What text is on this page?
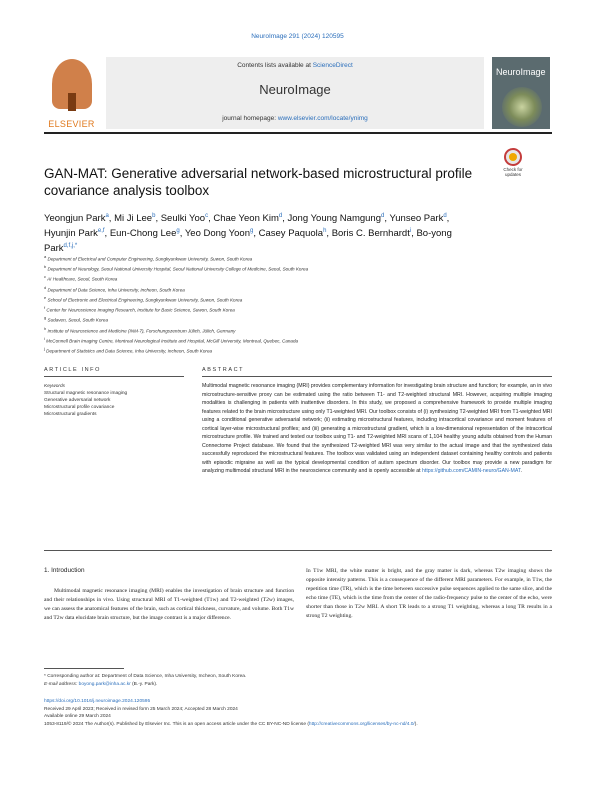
NeuroImage 291 (2024) 120595
ELSEVIER
Contents lists available at ScienceDirect
NeuroImage
journal homepage: www.elsevier.com/locate/ynimg
NeuroImage
Check for updates
GAN-MAT: Generative adversarial network-based microstructural profile covariance analysis toolbox
Yeongjun Park$^a$, Mi Ji Lee$^b$, Seulki Yoo$^c$, Chae Yeon Kim$^d$, Jong Young Namgung$^d$, Yunseo Park$^d$, Hyunjin Park$^{e,f}$, Eun-Chong Lee$^g$, Yeo Dong Yoon$^g$, Casey Paquola$^h$, Boris C. Bernhardt$^i$, Bo-yong Park$^{d,f,j,*}$
$^a$ Department of Electrical and Computer Engineering, Sungkyunkwan University, Suwon, South Korea
$^b$ Department of Neurology, Seoul National University Hospital, Seoul National University College of Medicine, Seoul, South Korea
$^c$ AI Healthcare, Seoul, South Korea
$^d$ Department of Data Science, Inha University, Incheon, South Korea
$^e$ School of Electronic and Electrical Engineering, Sungkyunkwan University, Suwon, South Korea
$^f$ Center for Neuroscience Imaging Research, Institute for Basic Science, Suwon, South Korea
$^g$ Sudaven, Seoul, South Korea
$^h$ Institute of Neuroscience and Medicine (INM-7), Forschungszentrum Jülich, Jülich, Germany
$^i$ McConnell Brain Imaging Centre, Montreal Neurological Institute and Hospital, McGill University, Montreal, Quebec, Canada
$^j$ Department of Statistics and Data Science, Inha University, Incheon, South Korea
ARTICLE INFO	ABSTRACT
Keywords
Structural magnetic resonance imaging
Generative adversarial network
Microstructural profile covariance
Microstructural gradients
Multimodal magnetic resonance imaging (MRI) provides complementary information for investigating brain structure and function; for example, an in vivo microstructure-sensitive proxy can be estimated using the ratio between T1- and T2-weighted structural MRI. However, acquiring multiple imaging modalities is challenging in patients with inattentive disorders. In this study, we proposed a comprehensive framework to provide multiple imaging features related to the brain microstructure using only T1-weighted MRI. Our toolbox consists of (i) synthesizing T2-weighted MRI from T1-weighted MRI using a conditional generative adversarial network; (ii) estimating microstructural features, including intracortical covariance and moment features of cortical layer-wise microstructural profiles; and (iii) generating a microstructural gradient, which is a low-dimensional representation of the intracortical microstructure profile. We trained and tested our toolbox using T1- and T2-weighted MRI scans of 1,104 healthy young adults obtained from the Human Connectome Project database. We found that the synthesized T2-weighted MRI was very similar to the actual image and that the synthesized data successfully reproduced the microstructural features. The toolbox was validated using an independent dataset containing healthy controls and patients with episodic migraine as well as the typical developmental condition of autism spectrum disorder. Our toolbox may provide a new paradigm for analyzing multimodal structural MRI in the neuroscience community and is openly accessible at https://github.com/CAMIN-neuro/GAN-MAT.
1. Introduction
Multimodal magnetic resonance imaging (MRI) enables the investigation of brain structure and function and their relationships in vivo. Using structural MRI of T1-weighted (T1w) and T2-weighted (T2w) images, we can assess the anatomical features of the brain, such as cortical thickness, curvature, and volume. Both T1w and T2w data elucidate brain structure, but the image contrast is a major difference.
In T1w MRI, the white matter is bright, and the gray matter is dark, whereas T2w imaging shows the opposite intensity patterns. This is a consequence of the different MRI parameters. For example, in T1w, the repetition time (TR), which is the time between successive pulse sequences applied to the same slice, and the echo time (TE), which is the time from the center of the radio-frequency pulse to the center of the echo, were shorter than those in T2w MRI. A short TR leads to a strong T1 weighting, whereas a long TR results in a strong T2 weighting.
* Corresponding author at: Department of Data Science, Inha University, Incheon, South Korea.
E-mail address: boyong.park@inha.ac.kr (B.-y. Park).
https://doi.org/10.1016/j.neuroimage.2024.120595
Received 29 April 2023; Received in revised form 25 March 2024; Accepted 28 March 2024
Available online 29 March 2024
1053-8119/© 2024 The Author(s). Published by Elsevier Inc. This is an open access article under the CC BY-NC-ND license (http://creativecommons.org/licenses/by-nc-nd/4.0/).
